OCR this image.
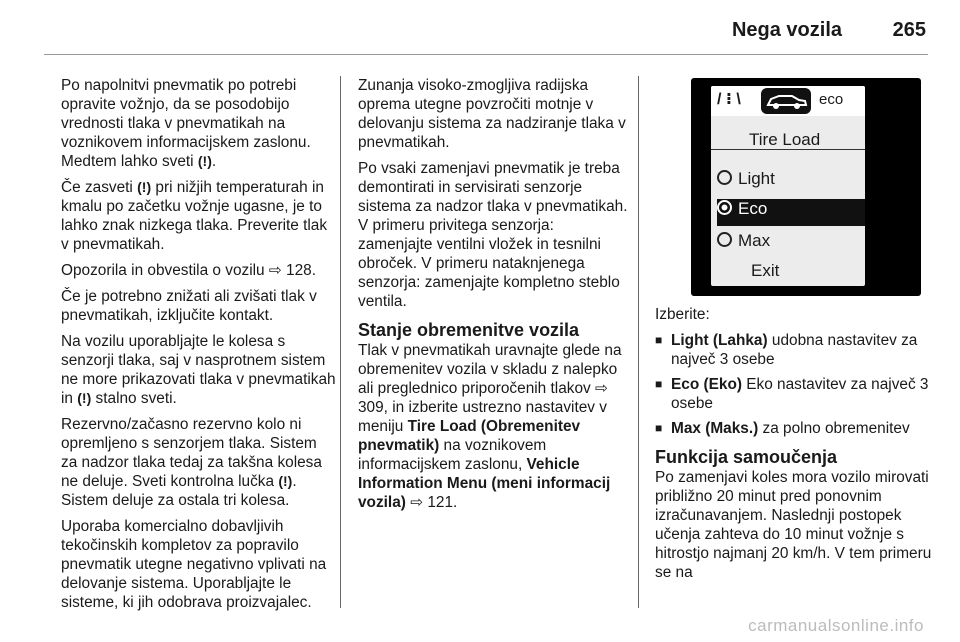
Nega vozila	265

Po napolnitvi pnevmatik po potrebi opravite vožnjo, da se posodobijo vrednosti tlaka v pnevmatikah na voznikovem informacijskem zaslonu. Medtem lahko sveti (!).

Če zasveti (!) pri nižjih temperaturah in kmalu po začetku vožnje ugasne, je to lahko znak nizkega tlaka. Preverite tlak v pnevmatikah.

Opozorila in obvestila o vozilu ⇨ 128.

Če je potrebno znižati ali zvišati tlak v pnevmatikah, izključite kontakt.

Na vozilu uporabljajte le kolesa s senzorji tlaka, saj v nasprotnem sistem ne more prikazovati tlaka v pnevmatikah in (!) stalno sveti.

Rezervno/začasno rezervno kolo ni opremljeno s senzorjem tlaka. Sistem za nadzor tlaka tedaj za takšna kolesa ne deluje. Sveti kontrolna lučka (!). Sistem deluje za ostala tri kolesa.

Uporaba komercialno dobavljivih tekočinskih kompletov za popravilo pnevmatik utegne negativno vplivati na delovanje sistema. Uporabljajte le sisteme, ki jih odobrava proizvajalec.

Zunanja visoko-zmogljiva radijska oprema utegne povzročiti motnje v delovanju sistema za nadziranje tlaka v pnevmatikah.

Po vsaki zamenjavi pnevmatik je treba demontirati in servisirati senzorje sistema za nadzor tlaka v pnevmatikah. V primeru privitega senzorja: zamenjajte ventilni vložek in tesnilni obroček. V primeru nataknjenega senzorja: zamenjajte kompletno steblo ventila.

Stanje obremenitve vozila

Tlak v pnevmatikah uravnajte glede na obremenitev vozila v skladu z nalepko ali preglednico priporočenih tlakov ⇨ 309, in izberite ustrezno nastavitev v meniju Tire Load (Obremenitev pnevmatik) na voznikovem informacijskem zaslonu, Vehicle Information Menu (meni informacij vozila) ⇨ 121.

/ ⁝ \	eco
Tire Load
Light
Eco
Max
Exit

Izberite:

■ Light (Lahka) udobna nastavitev za največ 3 osebe
■ Eco (Eko) Eko nastavitev za največ 3 osebe
■ Max (Maks.) za polno obremenitev
Funkcija samoučenja

Po zamenjavi koles mora vozilo mirovati približno 20 minut pred ponovnim izračunavanjem. Naslednji postopek učenja zahteva do 10 minut vožnje s hitrostjo najmanj 20 km/h. V tem primeru se na

carmanualsonline.info
